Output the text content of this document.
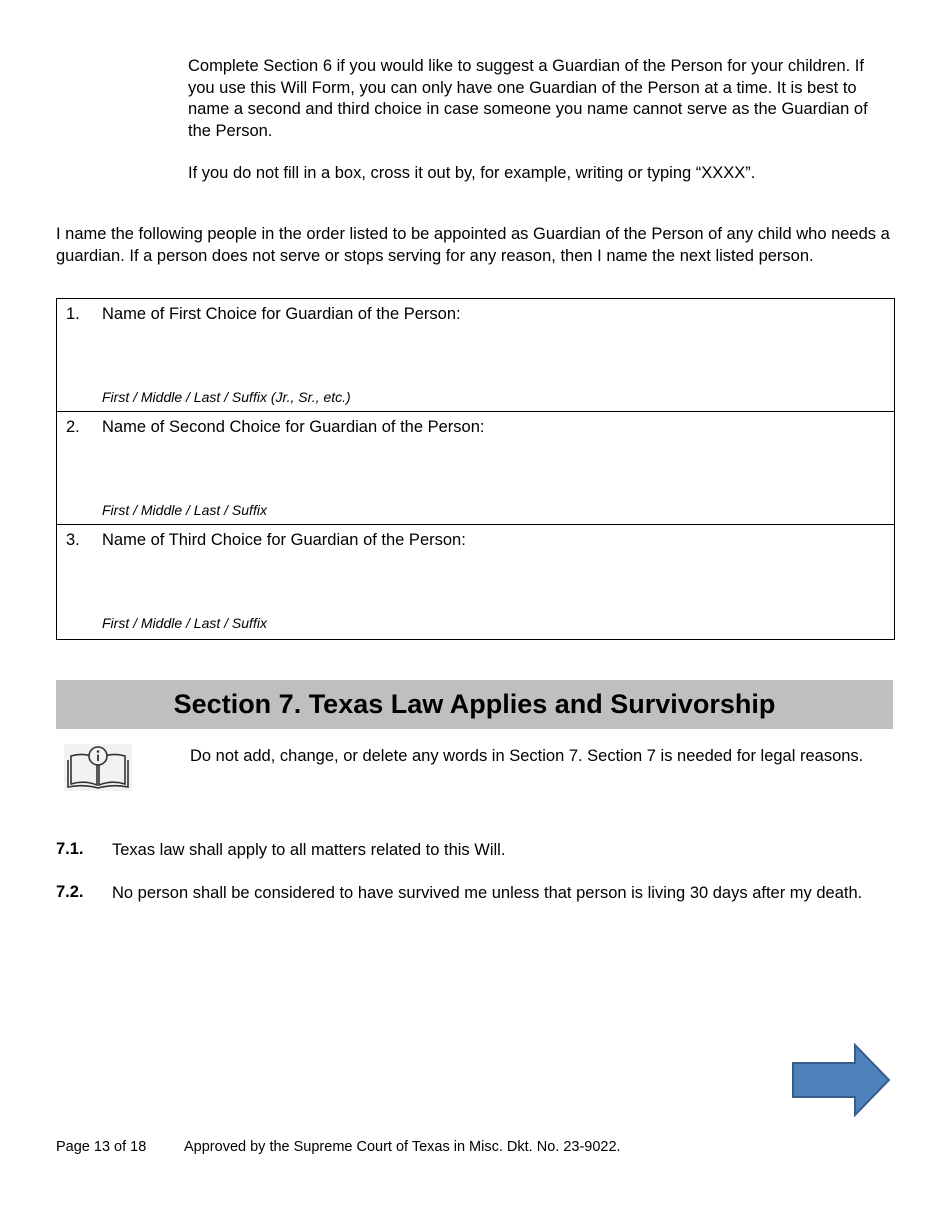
Complete Section 6 if you would like to suggest a Guardian of the Person for your children. If you use this Will Form, you can only have one Guardian of the Person at a time. It is best to name a second and third choice in case someone you name cannot serve as the Guardian of the Person.

If you do not fill in a box, cross it out by, for example, writing or typing “XXXX”.

I name the following people in the order listed to be appointed as Guardian of the Person of any child who needs a guardian. If a person does not serve or stops serving for any reason, then I name the next listed person.

1. Name of First Choice for Guardian of the Person:
First / Middle / Last / Suffix (Jr., Sr., etc.)
2. Name of Second Choice for Guardian of the Person:
First / Middle / Last / Suffix
3. Name of Third Choice for Guardian of the Person:
First / Middle / Last / Suffix
Section 7. Texas Law Applies and Survivorship

Do not add, change, or delete any words in Section 7. Section 7 is needed for legal reasons.

7.1. Texas law shall apply to all matters related to this Will.

7.2. No person shall be considered to have survived me unless that person is living 30 days after my death.

Page 13 of 18	Approved by the Supreme Court of Texas in Misc. Dkt. No. 23-9022.
